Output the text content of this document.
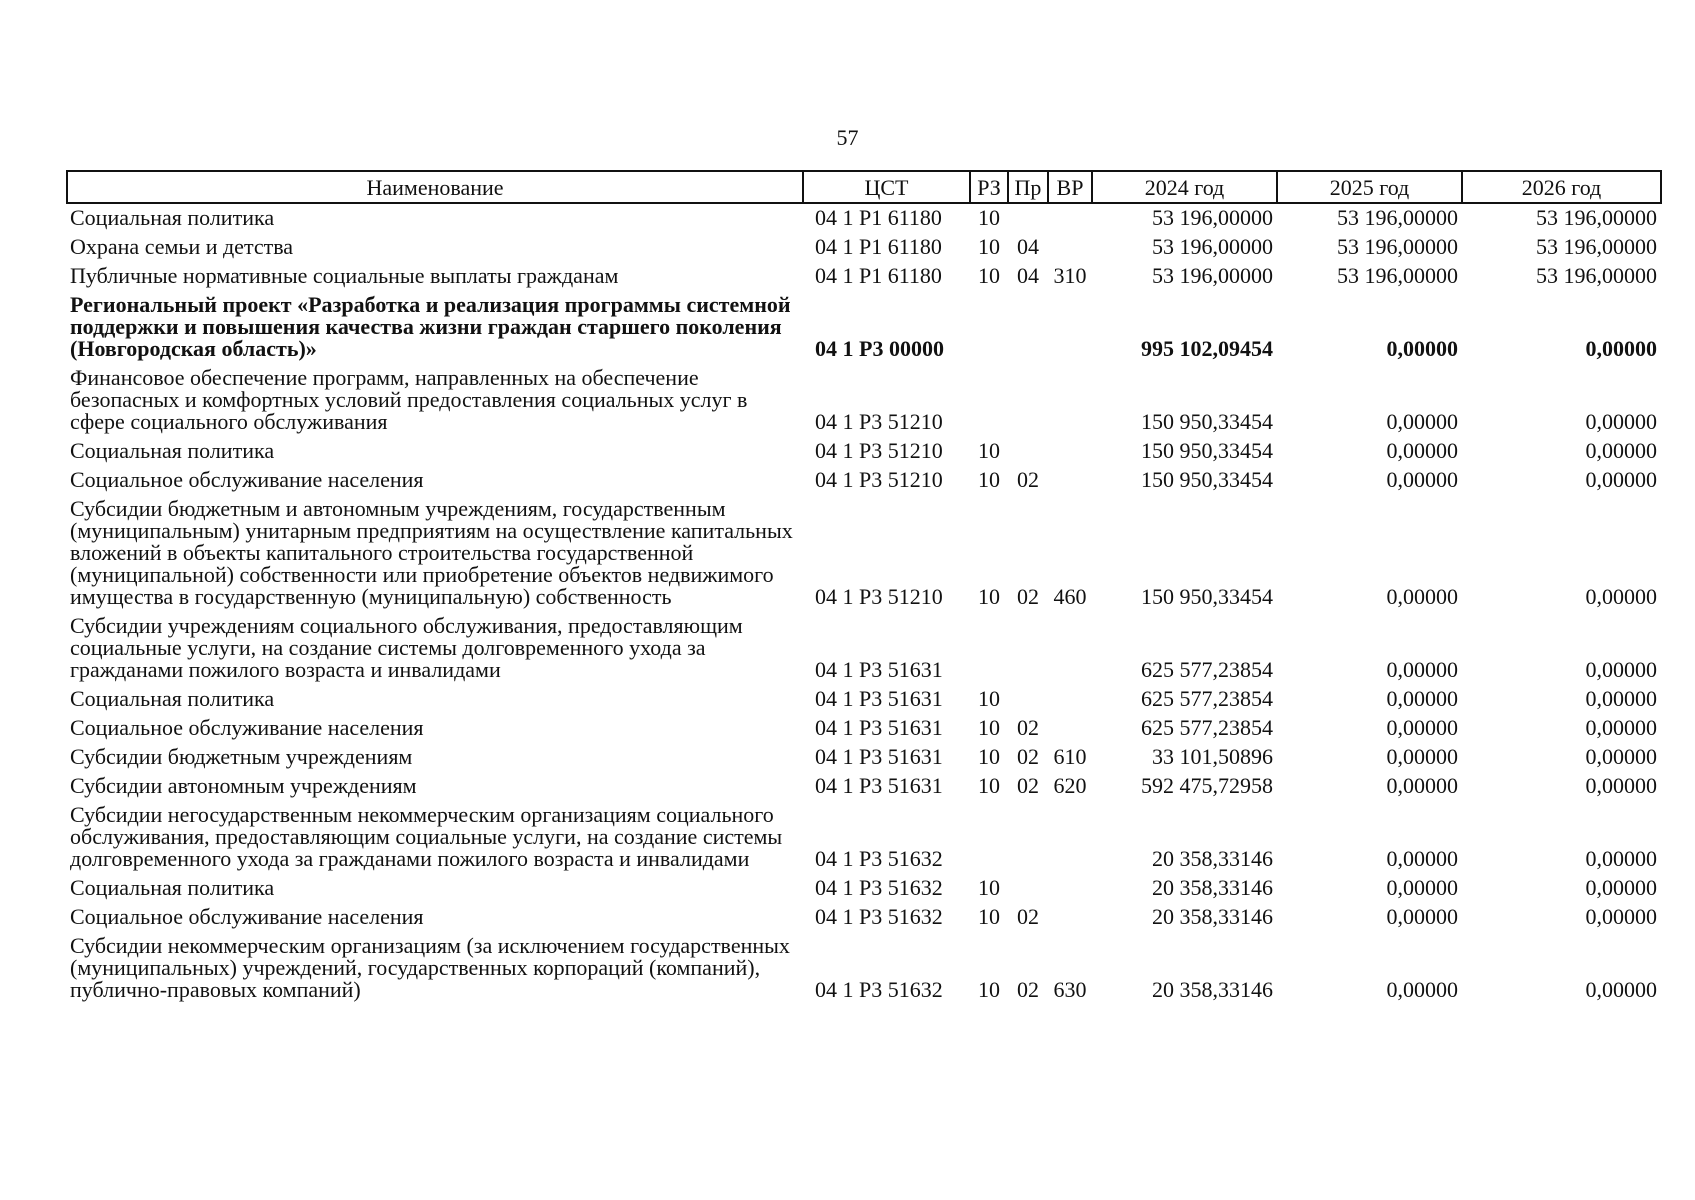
57
Наименование	ЦСТ	РЗ	Пр	ВР	2024 год	2025 год	2026 год
Социальная политика	04 1 P1 61180	10			53 196,00000	53 196,00000	53 196,00000
Охрана семьи и детства	04 1 P1 61180	10	04		53 196,00000	53 196,00000	53 196,00000
Публичные нормативные социальные выплаты гражданам	04 1 P1 61180	10	04	310	53 196,00000	53 196,00000	53 196,00000
Региональный проект «Разработка и реализация программы системной поддержки и повышения качества жизни граждан старшего поколения (Новгородская область)»	04 1 P3 00000				995 102,09454	0,00000	0,00000
Финансовое обеспечение программ, направленных на обеспечение безопасных и комфортных условий предоставления социальных услуг в сфере социального обслуживания	04 1 P3 51210				150 950,33454	0,00000	0,00000
Социальная политика	04 1 P3 51210	10			150 950,33454	0,00000	0,00000
Социальное обслуживание населения	04 1 P3 51210	10	02		150 950,33454	0,00000	0,00000
Субсидии бюджетным и автономным учреждениям, государственным (муниципальным) унитарным предприятиям на осуществление капитальных вложений в объекты капитального строительства государственной (муниципальной) собственности или приобретение объектов недвижимого имущества в государственную (муниципальную) собственность	04 1 P3 51210	10	02	460	150 950,33454	0,00000	0,00000
Субсидии учреждениям социального обслуживания, предоставляющим социальные услуги, на создание системы долговременного ухода за гражданами пожилого возраста и инвалидами	04 1 P3 51631				625 577,23854	0,00000	0,00000
Социальная политика	04 1 P3 51631	10			625 577,23854	0,00000	0,00000
Социальное обслуживание населения	04 1 P3 51631	10	02		625 577,23854	0,00000	0,00000
Субсидии бюджетным учреждениям	04 1 P3 51631	10	02	610	33 101,50896	0,00000	0,00000
Субсидии автономным учреждениям	04 1 P3 51631	10	02	620	592 475,72958	0,00000	0,00000
Субсидии негосударственным некоммерческим организациям социального обслуживания, предоставляющим социальные услуги, на создание системы долговременного ухода за гражданами пожилого возраста и инвалидами	04 1 P3 51632				20 358,33146	0,00000	0,00000
Социальная политика	04 1 P3 51632	10			20 358,33146	0,00000	0,00000
Социальное обслуживание населения	04 1 P3 51632	10	02		20 358,33146	0,00000	0,00000
Субсидии некоммерческим организациям (за исключением государственных (муниципальных) учреждений, государственных корпораций (компаний), публично-правовых компаний)	04 1 P3 51632	10	02	630	20 358,33146	0,00000	0,00000
